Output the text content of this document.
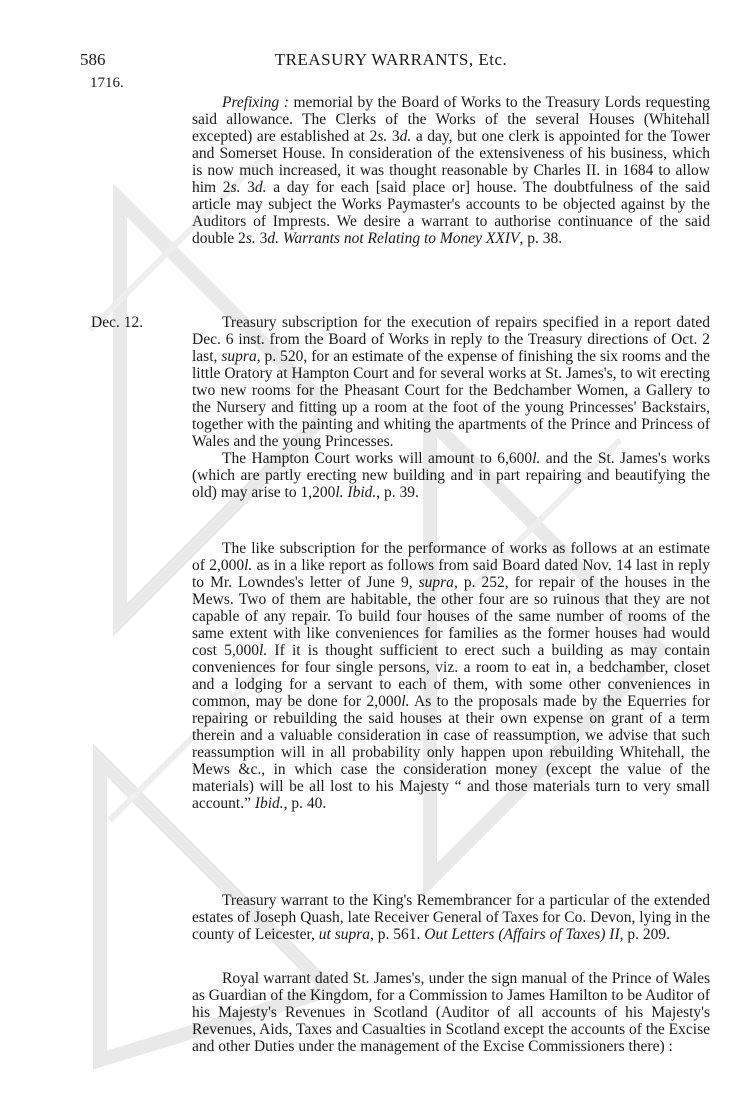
586	TREASURY WARRANTS, Etc.
1716.
Dec. 12.

Prefixing : memorial by the Board of Works to the Treasury Lords requesting said allowance. The Clerks of the Works of the several Houses (Whitehall excepted) are established at 2s. 3d. a day, but one clerk is appointed for the Tower and Somerset House. In consideration of the extensiveness of his business, which is now much increased, it was thought reasonable by Charles II. in 1684 to allow him 2s. 3d. a day for each [said place or] house. The doubtfulness of the said article may subject the Works Paymaster's accounts to be objected against by the Auditors of Imprests. We desire a warrant to authorise continuance of the said double 2s. 3d. Warrants not Relating to Money XXIV, p. 38.

Treasury subscription for the execution of repairs specified in a report dated Dec. 6 inst. from the Board of Works in reply to the Treasury directions of Oct. 2 last, supra, p. 520, for an estimate of the expense of finishing the six rooms and the little Oratory at Hampton Court and for several works at St. James's, to wit erecting two new rooms for the Pheasant Court for the Bedchamber Women, a Gallery to the Nursery and fitting up a room at the foot of the young Princesses' Backstairs, together with the painting and whiting the apartments of the Prince and Princess of Wales and the young Princesses.

The Hampton Court works will amount to 6,600l. and the St. James's works (which are partly erecting new building and in part repairing and beautifying the old) may arise to 1,200l. Ibid., p. 39.

The like subscription for the performance of works as follows at an estimate of 2,000l. as in a like report as follows from said Board dated Nov. 14 last in reply to Mr. Lowndes's letter of June 9, supra, p. 252, for repair of the houses in the Mews. Two of them are habitable, the other four are so ruinous that they are not capable of any repair. To build four houses of the same number of rooms of the same extent with like conveniences for families as the former houses had would cost 5,000l. If it is thought sufficient to erect such a building as may contain conveniences for four single persons, viz. a room to eat in, a bedchamber, closet and a lodging for a servant to each of them, with some other conveniences in common, may be done for 2,000l. As to the proposals made by the Equerries for repairing or rebuilding the said houses at their own expense on grant of a term therein and a valuable consideration in case of reassumption, we advise that such reassumption will in all probability only happen upon rebuilding Whitehall, the Mews &c., in which case the consideration money (except the value of the materials) will be all lost to his Majesty “ and those materials turn to very small account.” Ibid., p. 40.

Treasury warrant to the King's Remembrancer for a particular of the extended estates of Joseph Quash, late Receiver General of Taxes for Co. Devon, lying in the county of Leicester, ut supra, p. 561. Out Letters (Affairs of Taxes) II, p. 209.

Royal warrant dated St. James's, under the sign manual of the Prince of Wales as Guardian of the Kingdom, for a Commission to James Hamilton to be Auditor of his Majesty's Revenues in Scotland (Auditor of all accounts of his Majesty's Revenues, Aids, Taxes and Casualties in Scotland except the accounts of the Excise and other Duties under the management of the Excise Commissioners there) :
